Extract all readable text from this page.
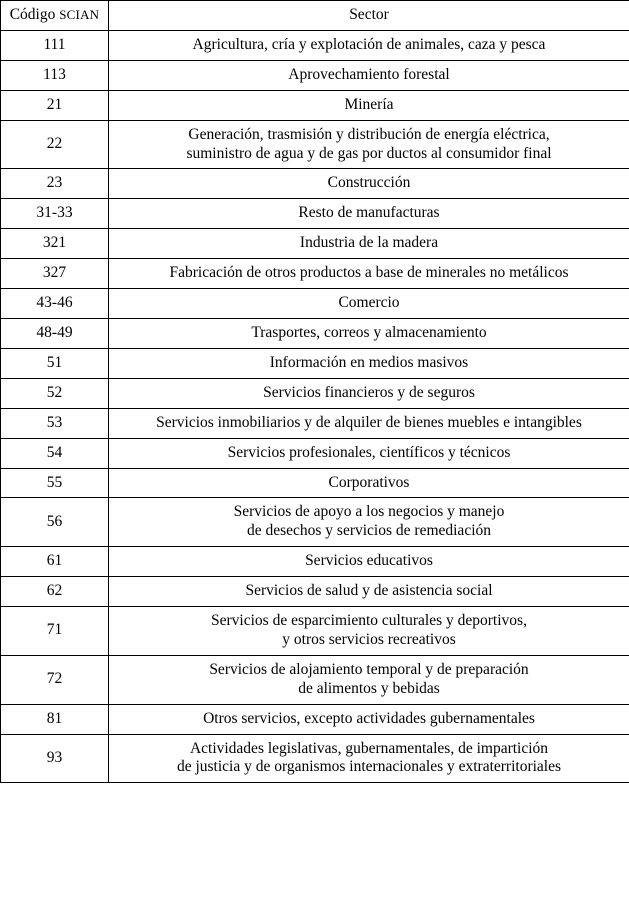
Código SCIAN	Sector
111	Agricultura, cría y explotación de animales, caza y pesca
113	Aprovechamiento forestal
21	Minería
22	Generación, trasmisión y distribución de energía eléctrica,
suministro de agua y de gas por ductos al consumidor final

23	Construcción
31-33	Resto de manufacturas
321	Industria de la madera
327	Fabricación de otros productos a base de minerales no metálicos
43-46	Comercio
48-49	Trasportes, correos y almacenamiento
51	Información en medios masivos
52	Servicios financieros y de seguros
53	Servicios inmobiliarios y de alquiler de bienes muebles e intangibles
54	Servicios profesionales, científicos y técnicos
55	Corporativos
56	Servicios de apoyo a los negocios y manejo
de desechos y servicios de remediación

61	Servicios educativos
62	Servicios de salud y de asistencia social
71	Servicios de esparcimiento culturales y deportivos,
y otros servicios recreativos

72	Servicios de alojamiento temporal y de preparación
de alimentos y bebidas

81	Otros servicios, excepto actividades gubernamentales
93	Actividades legislativas, gubernamentales, de impartición
de justicia y de organismos internacionales y extraterritoriales
